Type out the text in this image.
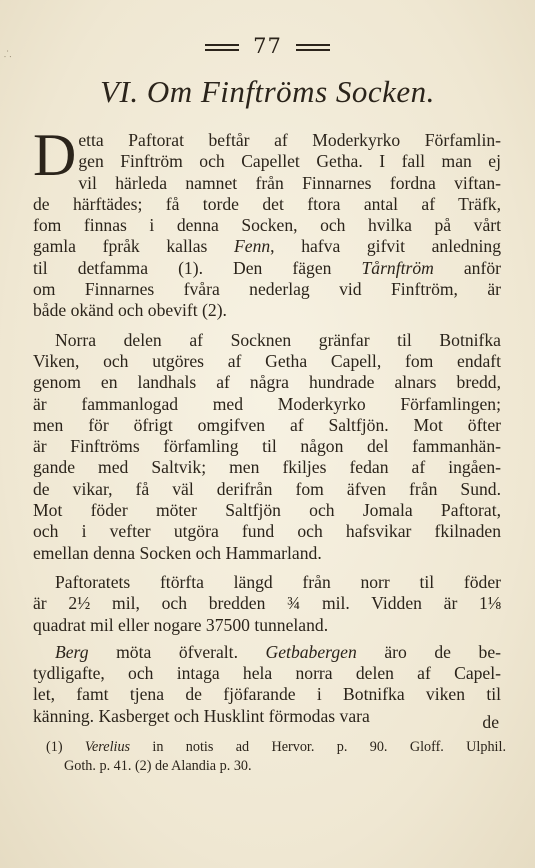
⸫	77
VI. Om Finftröms Socken.
D etta Paftorat beftår af Moderkyrko Förfamlin-
gen Finftröm och Capellet Getha. I fall man ej
vil härleda namnet från Finnarnes fordna viftan-
de härftädes; få torde det ftora antal af Träfk,
fom finnas i denna Socken, och hvilka på vårt
gamla fpråk kallas Fenn, hafva gifvit anledning
til detfamma (1). Den fägen Tårnftröm anför
om Finnarnes fvåra nederlag vid Finftröm, är
både okänd och obevift (2).
Norra delen af Socknen gränfar til Botnifka
Viken, och utgöres af Getha Capell, fom endaft
genom en landhals af några hundrade alnars bredd,
är fammanlogad med Moderkyrko Förfamlingen;
men för öfrigt omgifven af Saltfjön. Mot öfter
är Finftröms förfamling til någon del fammanhän-
gande med Saltvik; men fkiljes fedan af ingåen-
de vikar, få väl derifrån fom äfven från Sund.
Mot föder möter Saltfjön och Jomala Paftorat,
och i vefter utgöra fund och hafsvikar fkilnaden
emellan denna Socken och Hammarland.
Paftoratets ftörfta längd från norr til föder
är 2½ mil, och bredden ¾ mil. Vidden är 1⅛
quadrat mil eller nogare 37500 tunneland.
Berg möta öfveralt. Getbabergen äro de be-
tydligafte, och intaga hela norra delen af Capel-
let, famt tjena de fjöfarande i Botnifka viken til
känning. Kasberget och Husklint förmodas vara	de
(1) Verelius in notis ad Hervor. p. 90. Gloff. Ulphil.
Goth. p. 41. (2) de Alandia p. 30.
